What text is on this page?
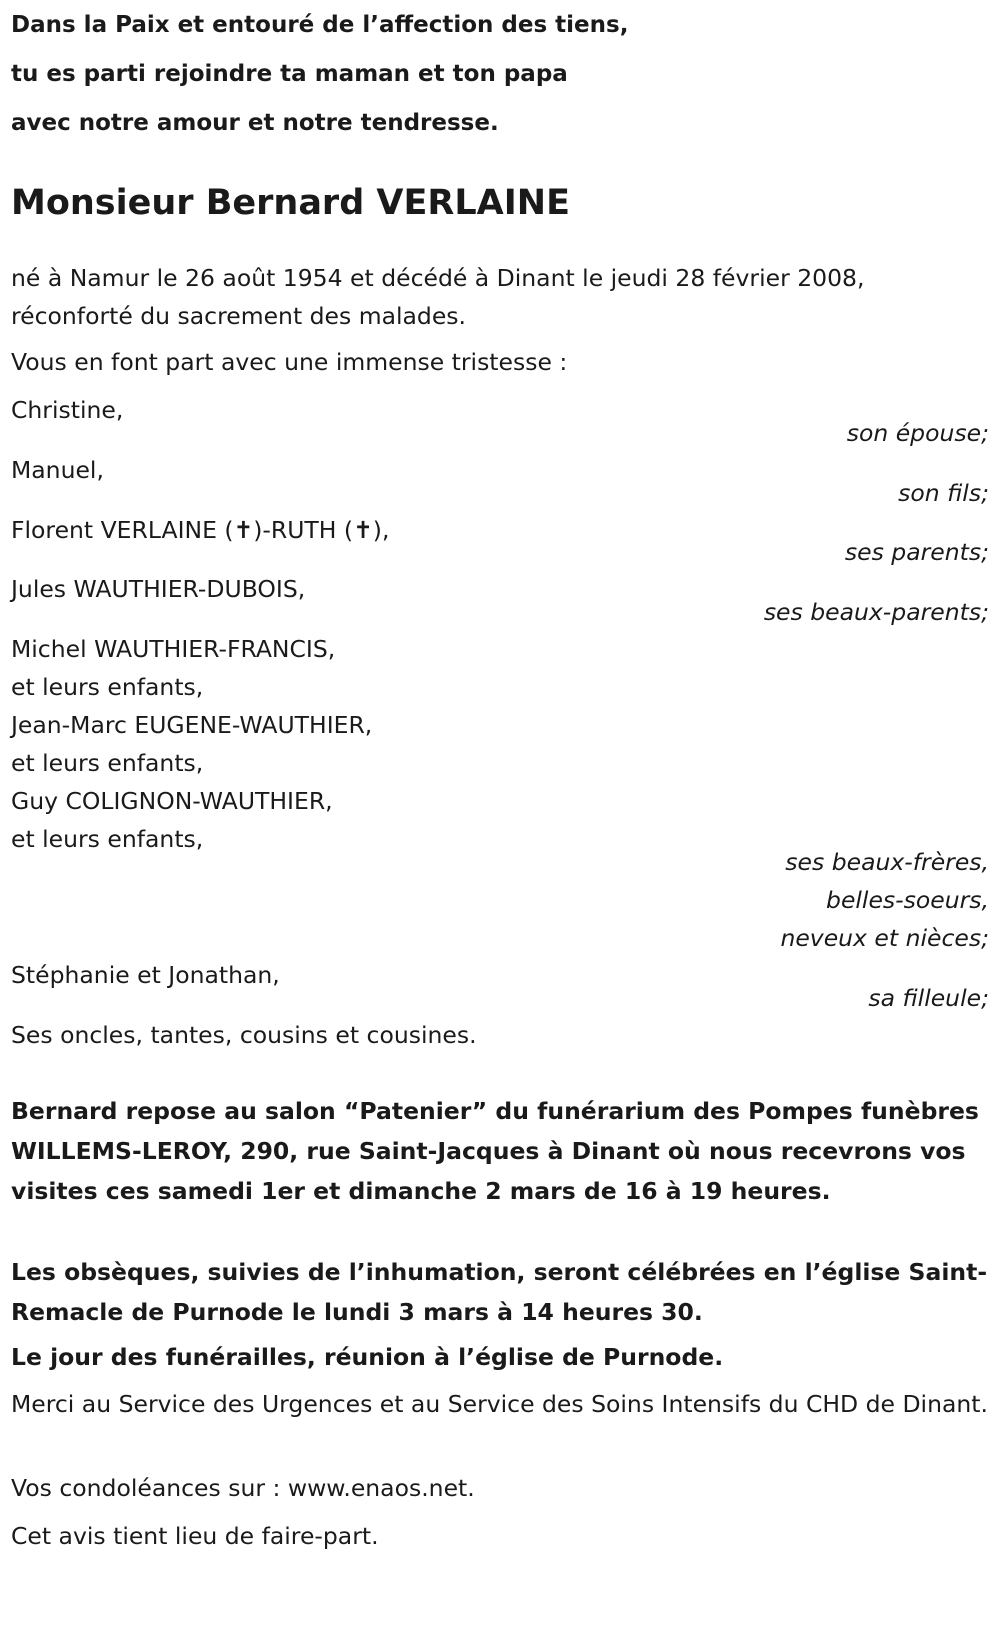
Dans la Paix et entouré de l’affection des tiens,

tu es parti rejoindre ta maman et ton papa

avec notre amour et notre tendresse.

Monsieur Bernard VERLAINE

né à Namur le 26 août 1954 et décédé à Dinant le jeudi 28 février 2008,

réconforté du sacrement des malades.

Vous en font part avec une immense tristesse :

Christine,

son épouse;

Manuel,

son fils;

Florent VERLAINE (✝)-RUTH (✝),

ses parents;

Jules WAUTHIER-DUBOIS,

ses beaux-parents;

Michel WAUTHIER-FRANCIS,

et leurs enfants,

Jean-Marc EUGENE-WAUTHIER,

et leurs enfants,

Guy COLIGNON-WAUTHIER,

et leurs enfants,

ses beaux-frères,
belles-soeurs,
neveux et nièces;

Stéphanie et Jonathan,

sa filleule;

Ses oncles, tantes, cousins et cousines.

Bernard repose au salon “Patenier” du funérarium des Pompes funèbres WILLEMS-LEROY, 290, rue Saint-Jacques à Dinant où nous recevrons vos visites ces samedi 1er et dimanche 2 mars de 16 à 19 heures.

Les obsèques, suivies de l’inhumation, seront célébrées en l’église Saint-Remacle de Purnode le lundi 3 mars à 14 heures 30.

Le jour des funérailles, réunion à l’église de Purnode.

Merci au Service des Urgences et au Service des Soins Intensifs du CHD de Dinant.

Vos condoléances sur : www.enaos.net.

Cet avis tient lieu de faire-part.
